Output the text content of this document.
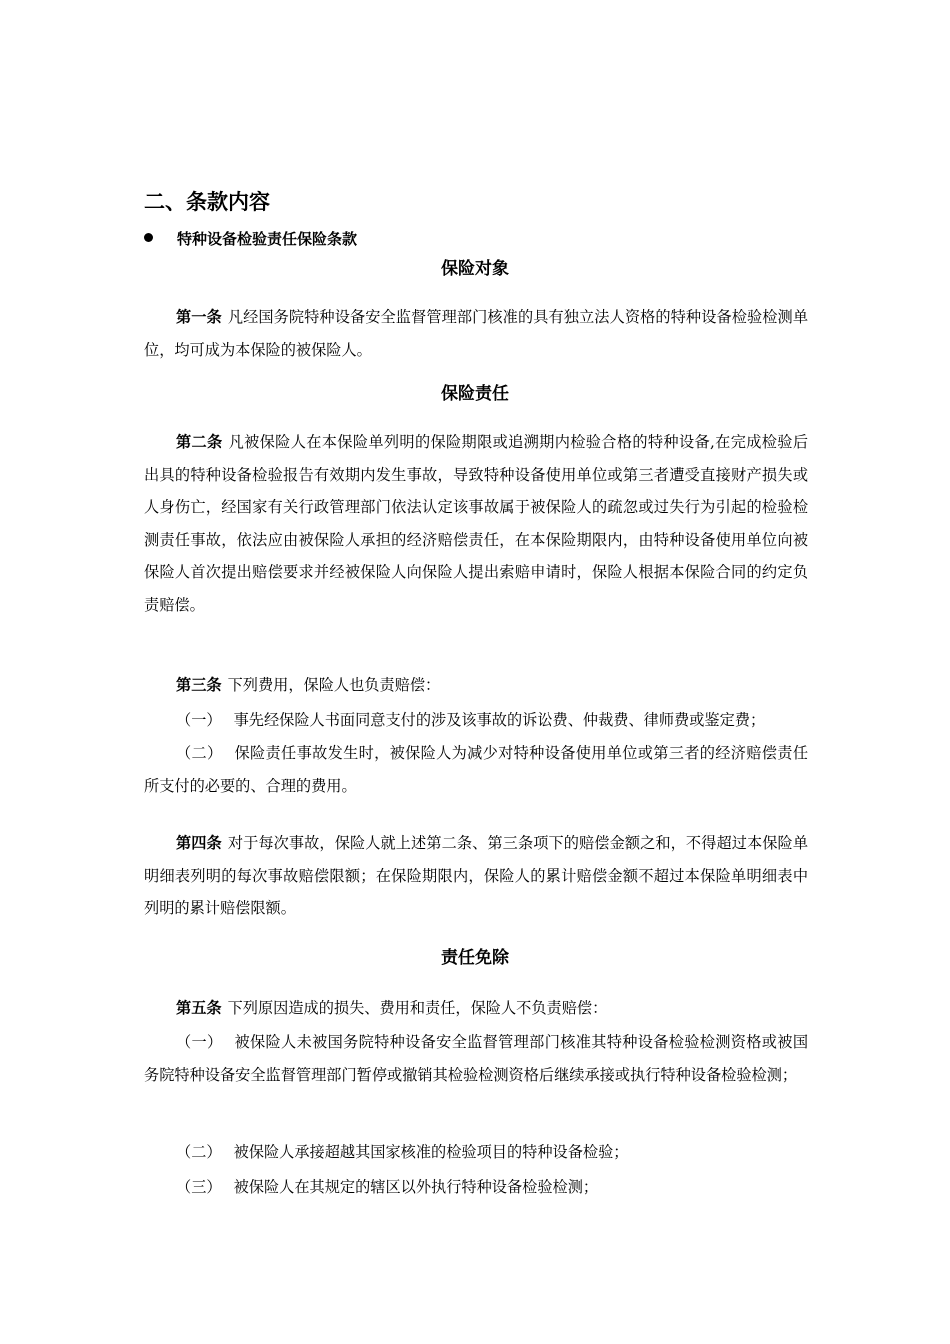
二、条款内容
特种设备检验责任保险条款
保险对象

第一条 凡经国务院特种设备安全监督管理部门核准的具有独立法人资格的特种设备检验检测单位，均可成为本保险的被保险人。

保险责任

第二条 凡被保险人在本保险单列明的保险期限或追溯期内检验合格的特种设备,在完成检验后出具的特种设备检验报告有效期内发生事故，导致特种设备使用单位或第三者遭受直接财产损失或人身伤亡，经国家有关行政管理部门依法认定该事故属于被保险人的疏忽或过失行为引起的检验检测责任事故，依法应由被保险人承担的经济赔偿责任，在本保险期限内，由特种设备使用单位向被保险人首次提出赔偿要求并经被保险人向保险人提出索赔申请时，保险人根据本保险合同的约定负责赔偿。

第三条 下列费用，保险人也负责赔偿：

（一） 事先经保险人书面同意支付的涉及该事故的诉讼费、仲裁费、律师费或鉴定费；

（二） 保险责任事故发生时，被保险人为减少对特种设备使用单位或第三者的经济赔偿责任所支付的必要的、合理的费用。

第四条 对于每次事故，保险人就上述第二条、第三条项下的赔偿金额之和，不得超过本保险单明细表列明的每次事故赔偿限额；在保险期限内，保险人的累计赔偿金额不超过本保险单明细表中列明的累计赔偿限额。

责任免除

第五条 下列原因造成的损失、费用和责任，保险人不负责赔偿：

（一） 被保险人未被国务院特种设备安全监督管理部门核准其特种设备检验检测资格或被国务院特种设备安全监督管理部门暂停或撤销其检验检测资格后继续承接或执行特种设备检验检测；

（二） 被保险人承接超越其国家核准的检验项目的特种设备检验；

（三） 被保险人在其规定的辖区以外执行特种设备检验检测；
